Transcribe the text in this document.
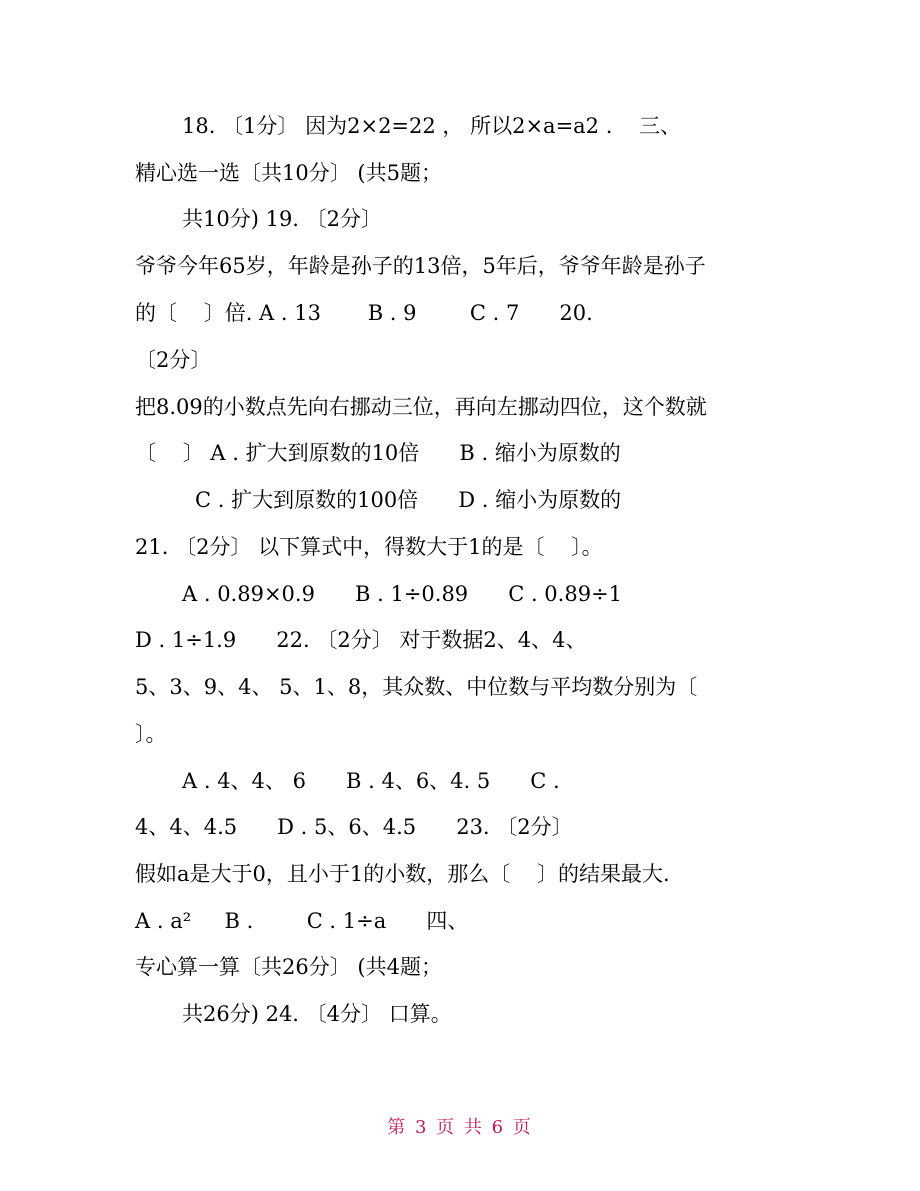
18. 〔1分〕 因为2×2=22 ， 所以2×a=a2 .    三、
精心选一选〔共10分〕 (共5题；
共10分) 19. 〔2分〕
爷爷今年65岁，年龄是孙子的13倍，5年后，爷爷年龄是孙子
的〔    〕倍. A . 13       B . 9        C . 7      20.
〔2分〕
把8.09的小数点先向右挪动三位，再向左挪动四位，这个数就
〔    〕 A . 扩大到原数的10倍      B . 缩小为原数的
C . 扩大到原数的100倍      D . 缩小为原数的
21. 〔2分〕 以下算式中，得数大于1的是〔    〕。
A . 0.89×0.9      B . 1÷0.89      C . 0.89÷1
D . 1÷1.9      22. 〔2分〕 对于数据2、4、4、
5、3、9、4、 5、1、8，其众数、中位数与平均数分别为〔
〕。
A . 4、4、 6      B . 4、6、4. 5      C .
4、4、4.5      D . 5、6、4.5      23. 〔2分〕
假如a是大于0，且小于1的小数，那么〔    〕的结果最大.
A . a²     B .        C . 1÷a      四、
专心算一算〔共26分〕 (共4题；
共26分) 24. 〔4分〕 口算。
第 3 页 共 6 页
